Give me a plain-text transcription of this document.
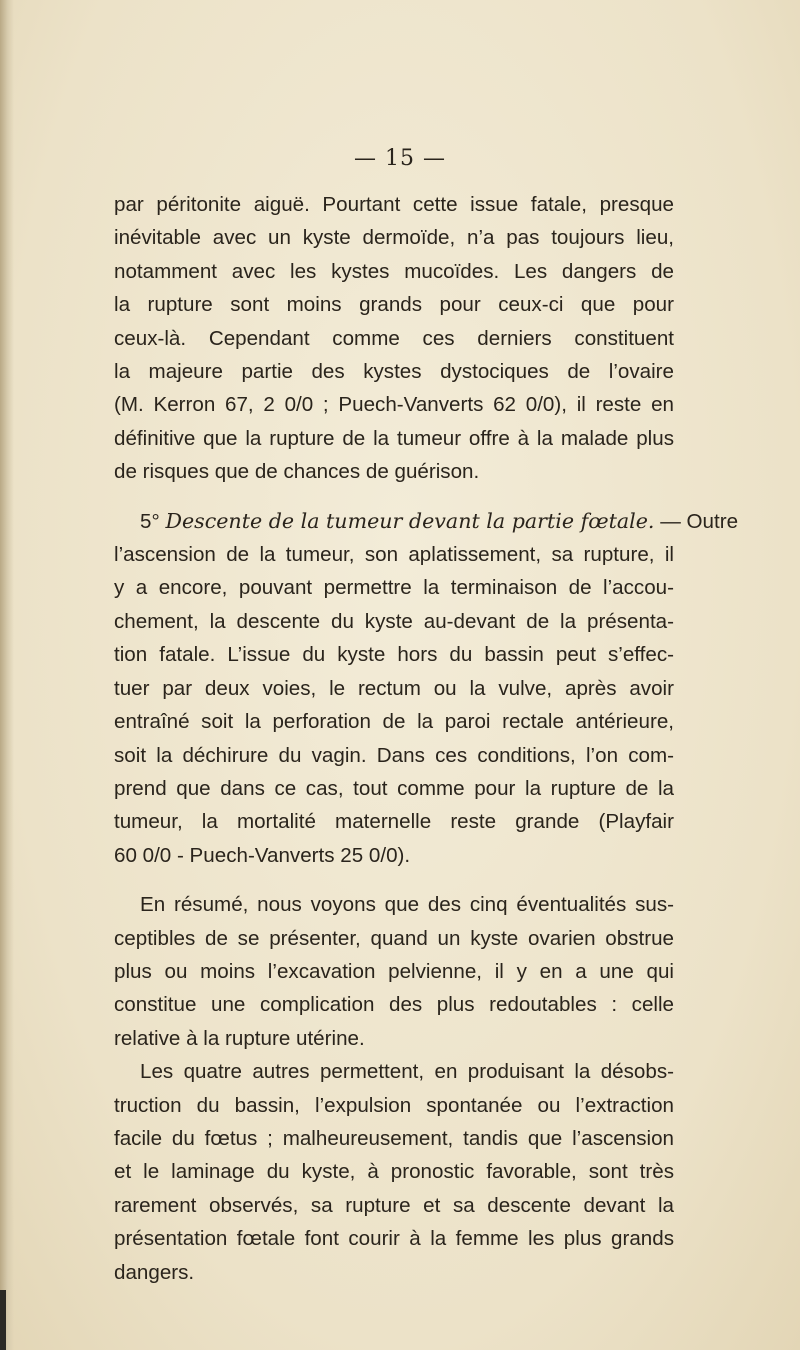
— 15 —
par péritonite aiguë. Pourtant cette issue fatale, presque
inévitable avec un kyste dermoïde, n’a pas toujours lieu,
notamment avec les kystes mucoïdes. Les dangers de
la rupture sont moins grands pour ceux-ci que pour
ceux-là. Cependant comme ces derniers constituent
la majeure partie des kystes dystociques de l’ovaire
(M. Kerron 67, 2 0/0 ; Puech-Vanverts 62 0/0), il reste en
définitive que la rupture de la tumeur offre à la malade plus
de risques que de chances de guérison.
5° Descente de la tumeur devant la partie fœtale. — Outre
l’ascension de la tumeur, son aplatissement, sa rupture, il
y a encore, pouvant permettre la terminaison de l’accou-
chement, la descente du kyste au-devant de la présenta-
tion fatale. L’issue du kyste hors du bassin peut s’effec-
tuer par deux voies, le rectum ou la vulve, après avoir
entraîné soit la perforation de la paroi rectale antérieure,
soit la déchirure du vagin. Dans ces conditions, l’on com-
prend que dans ce cas, tout comme pour la rupture de la
tumeur, la mortalité maternelle reste grande (Playfair
60 0/0 - Puech-Vanverts 25 0/0).
En résumé, nous voyons que des cinq éventualités sus-
ceptibles de se présenter, quand un kyste ovarien obstrue
plus ou moins l’excavation pelvienne, il y en a une qui
constitue une complication des plus redoutables : celle
relative à la rupture utérine.
Les quatre autres permettent, en produisant la désobs-
truction du bassin, l’expulsion spontanée ou l’extraction
facile du fœtus ; malheureusement, tandis que l’ascension
et le laminage du kyste, à pronostic favorable, sont très
rarement observés, sa rupture et sa descente devant la
présentation fœtale font courir à la femme les plus grands
dangers.
